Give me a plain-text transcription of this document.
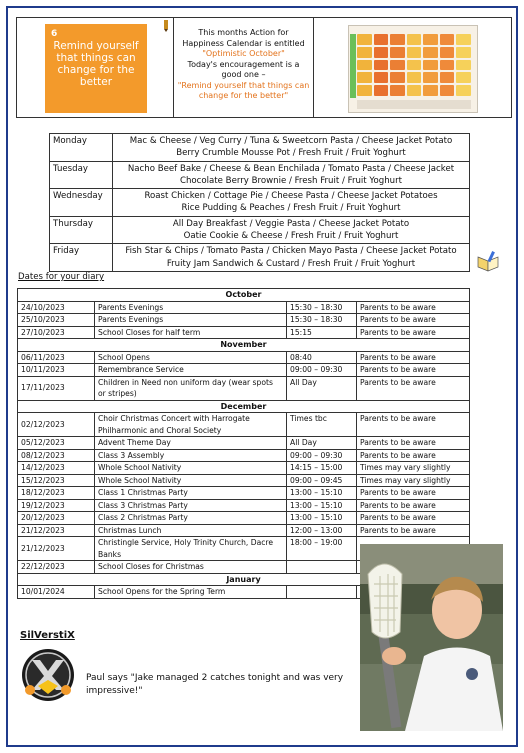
6
Remind yourself that things can change for the better
This months Action for Happiness Calendar is entitled
"Optimistic October"
Today's encouragement is a good one –
"Remind yourself that things can change for the better"
Monday	Mac & Cheese / Veg Curry / Tuna & Sweetcorn Pasta / Cheese Jacket Potato
Berry Crumble Mousse Pot / Fresh Fruit / Fruit Yoghurt

Tuesday	Nacho Beef Bake / Cheese & Bean Enchilada / Tomato Pasta / Cheese Jacket
Chocolate Berry Brownie / Fresh Fruit / Fruit Yoghurt

Wednesday	Roast Chicken / Cottage Pie / Cheese Pasta / Cheese Jacket Potatoes
Rice Pudding & Peaches / Fresh Fruit / Fruit Yoghurt

Thursday	All Day Breakfast / Veggie Pasta / Cheese Jacket Potato
Oatie Cookie & Cheese / Fresh Fruit / Fruit Yoghurt

Friday	Fish Star & Chips / Tomato Pasta / Chicken Mayo Pasta / Cheese Jacket Potato
Fruity Jam Sandwich & Custard / Fresh Fruit / Fruit Yoghurt
Dates for your diary
October			
24/10/2023	Parents Evenings	15:30 – 18:30	Parents to be aware
25/10/2023	Parents Evenings	15:30 – 18:30	Parents to be aware
27/10/2023	School Closes for half term	15:15	Parents to be aware
November			
06/11/2023	School Opens	08:40	Parents to be aware
10/11/2023	Remembrance Service	09:00 – 09:30	Parents to be aware
17/11/2023	Children in Need non uniform day (wear spots or stripes)	All Day	Parents to be aware
December			
02/12/2023	Choir Christmas Concert with Harrogate Philharmonic and Choral Society	Times tbc	Parents to be aware
05/12/2023	Advent Theme Day	All Day	Parents to be aware
08/12/2023	Class 3 Assembly	09:00 – 09:30	Parents to be aware
14/12/2023	Whole School Nativity	14:15 – 15:00	Times may vary slightly
15/12/2023	Whole School Nativity	09:00 – 09:45	Times may vary slightly
18/12/2023	Class 1 Christmas Party	13:00 – 15:10	Parents to be aware
19/12/2023	Class 3 Christmas Party	13:00 – 15:10	Parents to be aware
20/12/2023	Class 2 Christmas Party	13:00 – 15:10	Parents to be aware
21/12/2023	Christmas Lunch	12:00 – 13:00	Parents to be aware
21/12/2023	Christingle Service, Holy Trinity Church, Dacre Banks	18:00 – 19:00	
22/12/2023	School Closes for Christmas		
January			
10/01/2024	School Opens for the Spring Term		
SilVerstiX
Paul says "Jake managed 2 catches tonight and was very impressive!"
